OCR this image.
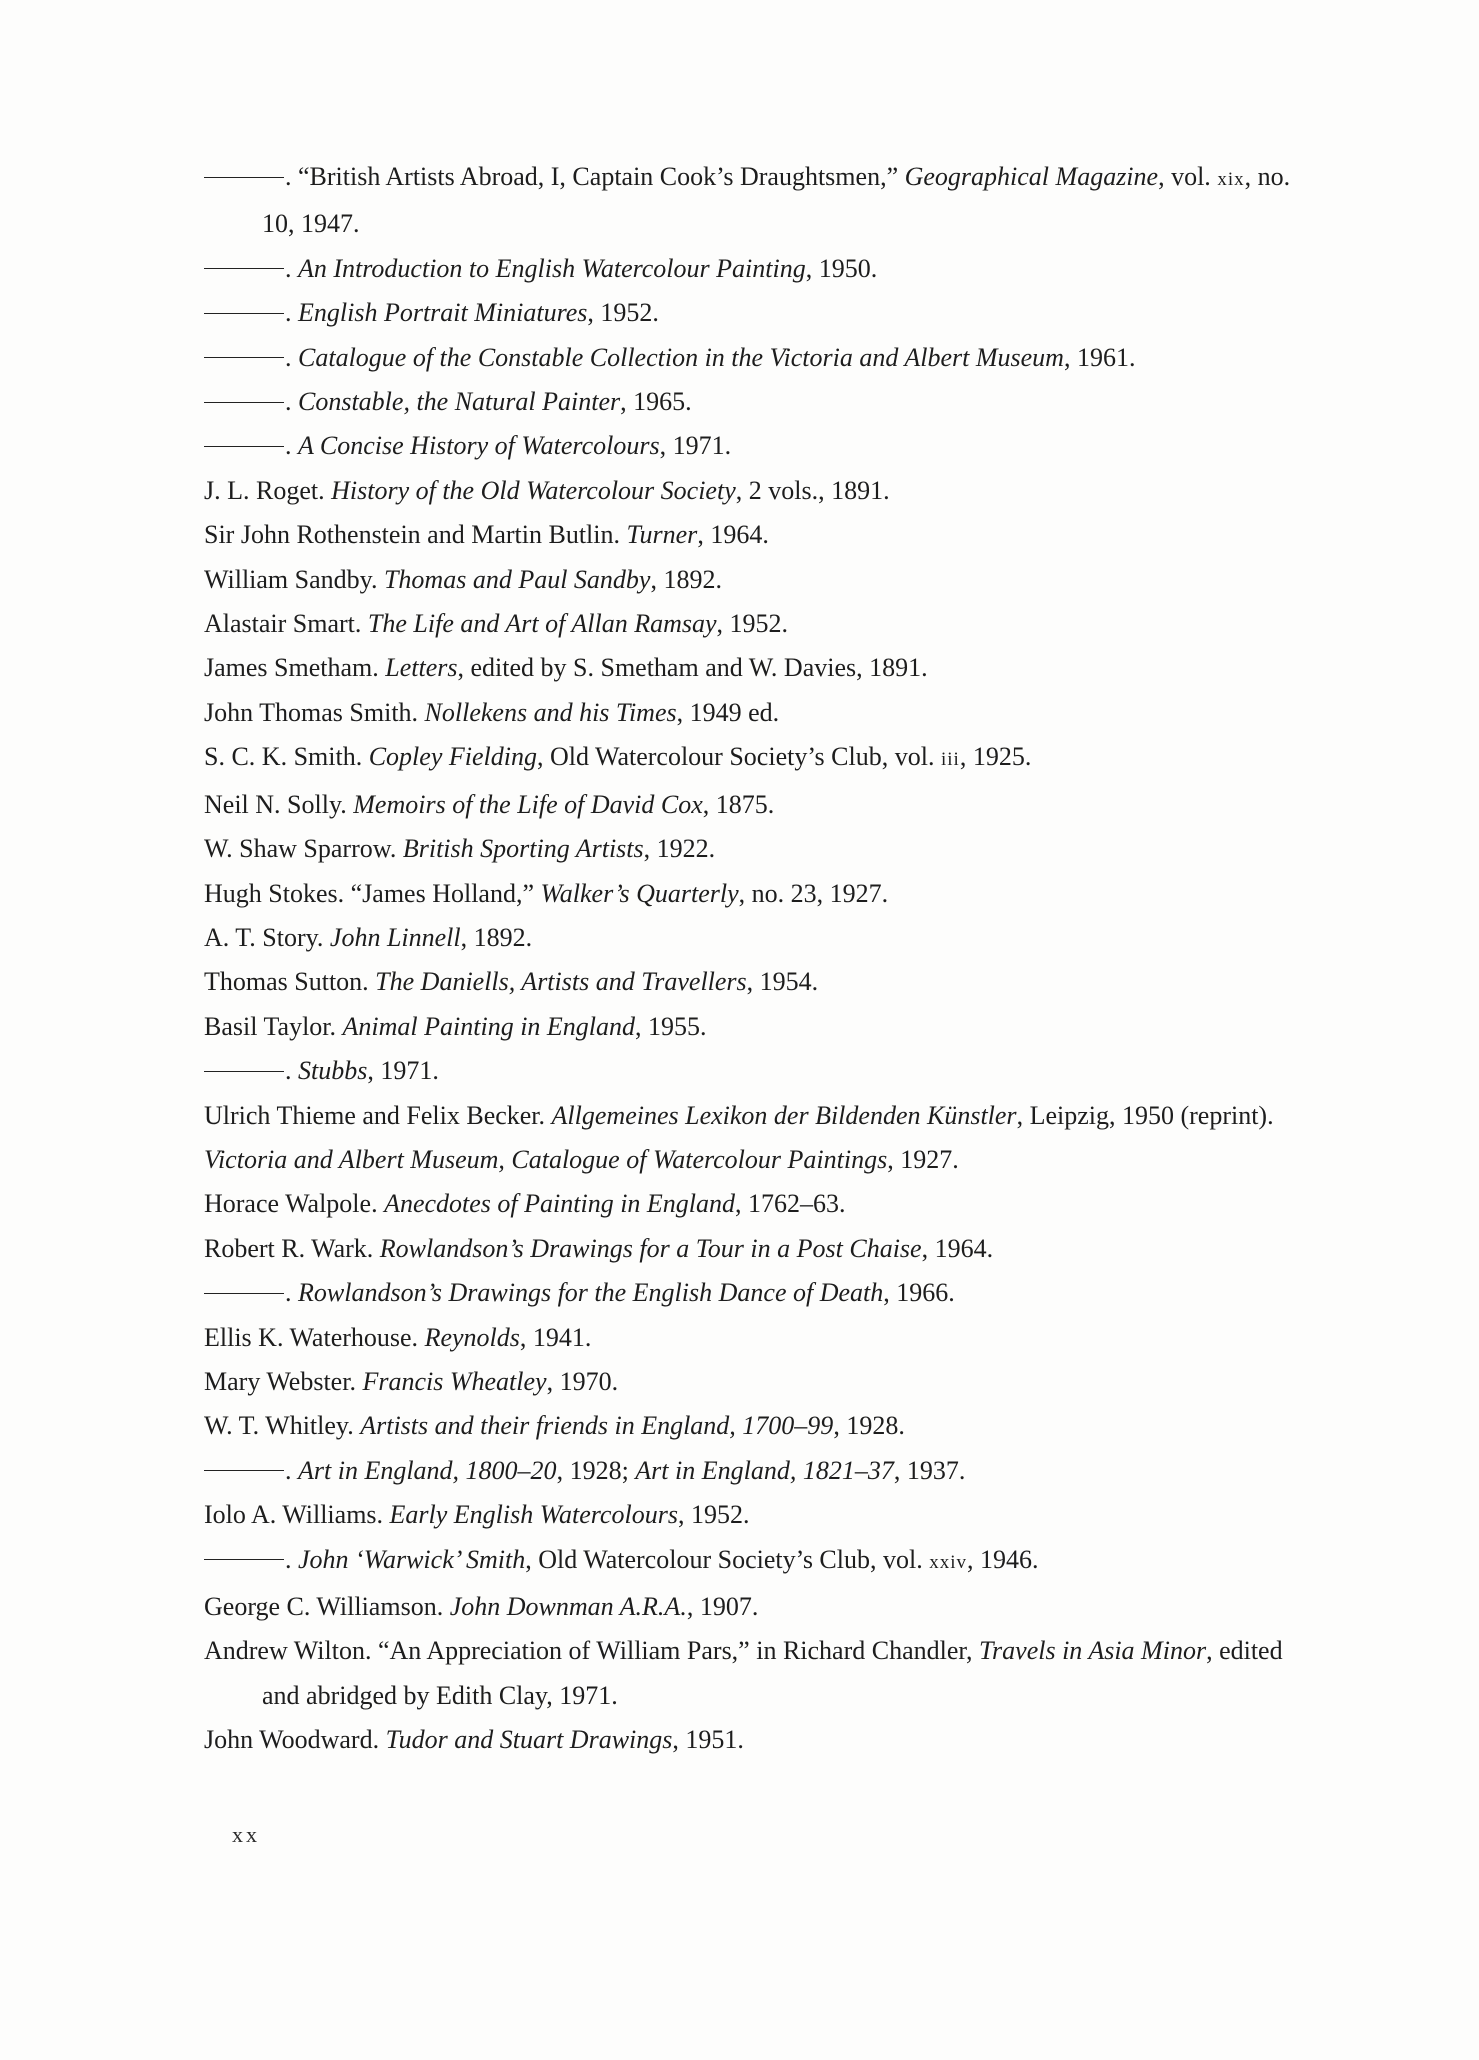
. “British Artists Abroad, I, Captain Cook’s Draughtsmen,” Geographical Magazine, vol. xix, no. 10, 1947.
. An Introduction to English Watercolour Painting, 1950.
. English Portrait Miniatures, 1952.
. Catalogue of the Constable Collection in the Victoria and Albert Museum, 1961.
. Constable, the Natural Painter, 1965.
. A Concise History of Watercolours, 1971.
J. L. Roget. History of the Old Watercolour Society, 2 vols., 1891.
Sir John Rothenstein and Martin Butlin. Turner, 1964.
William Sandby. Thomas and Paul Sandby, 1892.
Alastair Smart. The Life and Art of Allan Ramsay, 1952.
James Smetham. Letters, edited by S. Smetham and W. Davies, 1891.
John Thomas Smith. Nollekens and his Times, 1949 ed.
S. C. K. Smith. Copley Fielding, Old Watercolour Society’s Club, vol. iii, 1925.
Neil N. Solly. Memoirs of the Life of David Cox, 1875.
W. Shaw Sparrow. British Sporting Artists, 1922.
Hugh Stokes. “James Holland,” Walker’s Quarterly, no. 23, 1927.
A. T. Story. John Linnell, 1892.
Thomas Sutton. The Daniells, Artists and Travellers, 1954.
Basil Taylor. Animal Painting in England, 1955.
. Stubbs, 1971.
Ulrich Thieme and Felix Becker. Allgemeines Lexikon der Bildenden Künstler, Leipzig, 1950 (reprint).
Victoria and Albert Museum, Catalogue of Watercolour Paintings, 1927.
Horace Walpole. Anecdotes of Painting in England, 1762–63.
Robert R. Wark. Rowlandson’s Drawings for a Tour in a Post Chaise, 1964.
. Rowlandson’s Drawings for the English Dance of Death, 1966.
Ellis K. Waterhouse. Reynolds, 1941.
Mary Webster. Francis Wheatley, 1970.
W. T. Whitley. Artists and their friends in England, 1700–99, 1928.
. Art in England, 1800–20, 1928; Art in England, 1821–37, 1937.
Iolo A. Williams. Early English Watercolours, 1952.
. John ‘Warwick’ Smith, Old Watercolour Society’s Club, vol. xxiv, 1946.
George C. Williamson. John Downman A.R.A., 1907.
Andrew Wilton. “An Appreciation of William Pars,” in Richard Chandler, Travels in Asia Minor, edited and abridged by Edith Clay, 1971.
John Woodward. Tudor and Stuart Drawings, 1951.
xx
